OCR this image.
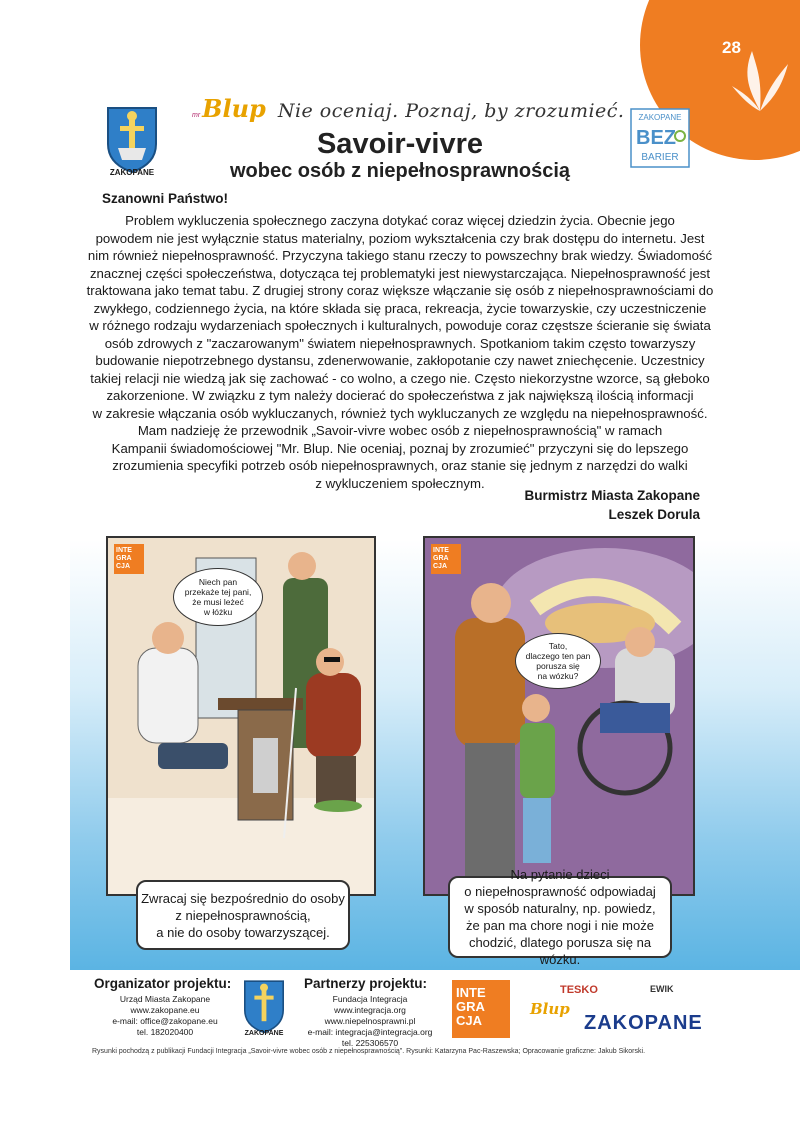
28
ZAKOPANE
mr Blup Nie oceniaj. Poznaj, by zrozumieć.
Savoir-vivre
wobec osób z niepełnosprawnością
ZAKOPANE
BEZ
BARIER
Szanowni Państwo!
Problem wykluczenia społecznego zaczyna dotykać coraz więcej dziedzin życia. Obecnie jego
powodem nie jest wyłącznie status materialny, poziom wykształcenia czy brak dostępu do internetu. Jest
nim również niepełnosprawność. Przyczyna takiego stanu rzeczy to powszechny brak wiedzy. Świadomość
znacznej części społeczeństwa, dotycząca tej problematyki jest niewystarczająca. Niepełnosprawność jest
traktowana jako temat tabu. Z drugiej strony coraz większe włączanie się osób z niepełnosprawnościami do
zwykłego, codziennego życia, na które składa się praca, rekreacja, życie towarzyskie, czy uczestniczenie
w różnego rodzaju wydarzeniach społecznych i kulturalnych, powoduje coraz częstsze ścieranie się świata
osób zdrowych z "zaczarowanym" światem niepełnosprawnych. Spotkaniom takim często towarzyszy
budowanie niepotrzebnego dystansu, zdenerwowanie, zakłopotanie czy nawet zniechęcenie. Uczestnicy
takiej relacji nie wiedzą jak się zachować - co wolno, a czego nie. Często niekorzystne wzorce, są głeboko
zakorzenione. W związku z tym należy docierać do społeczeństwa z jak największą ilością informacji
w zakresie włączania osób wykluczanych, również tych wykluczanych ze względu na niepełnosprawność.
Mam nadzieję że przewodnik „Savoir-vivre wobec osób z niepełnosprawnością" w ramach
Kampanii świadomościowej "Mr. Blup. Nie oceniaj, poznaj by zrozumieć" przyczyni się do lepszego
zrozumienia specyfiki potrzeb osób niepełnosprawnych, oraz stanie się jednym z narzędzi do walki
z wykluczeniem społecznym.
Burmistrz Miasta Zakopane
Leszek Dorula
INTE
GRA
CJA
Niech pan
przekaże tej pani,
że musi leżeć
w łóżku
INTE
GRA
CJA
Tato,
dlaczego ten pan
porusza się
na wózku?
Zwracaj się bezpośrednio do osoby
z niepełnosprawnością,
a nie do osoby towarzyszącej.
Na pytanie dzieci
o niepełnosprawność odpowiadaj
w sposób naturalny, np. powiedz,
że pan ma chore nogi i nie może
chodzić, dlatego porusza się na wózku.
Organizator projektu:
Urząd Miasta Zakopane
www.zakopane.eu
e-mail: office@zakopane.eu
tel. 182020400	ZAKOPANE
Partnerzy projektu:
Fundacja Integracja
www.integracja.org
www.niepelnosprawni.pl
e-mail: integracja@integracja.org
tel. 225306570
INTE
GRA
CJA
Blup
TESKO	EWIK
ZAKOPANE
Rysunki pochodzą z publikacji Fundacji Integracja „Savoir-vivre wobec osób z niepełnosprawnością". Rysunki: Katarzyna Pac-Raszewska; Opracowanie graficzne: Jakub Sikorski.
